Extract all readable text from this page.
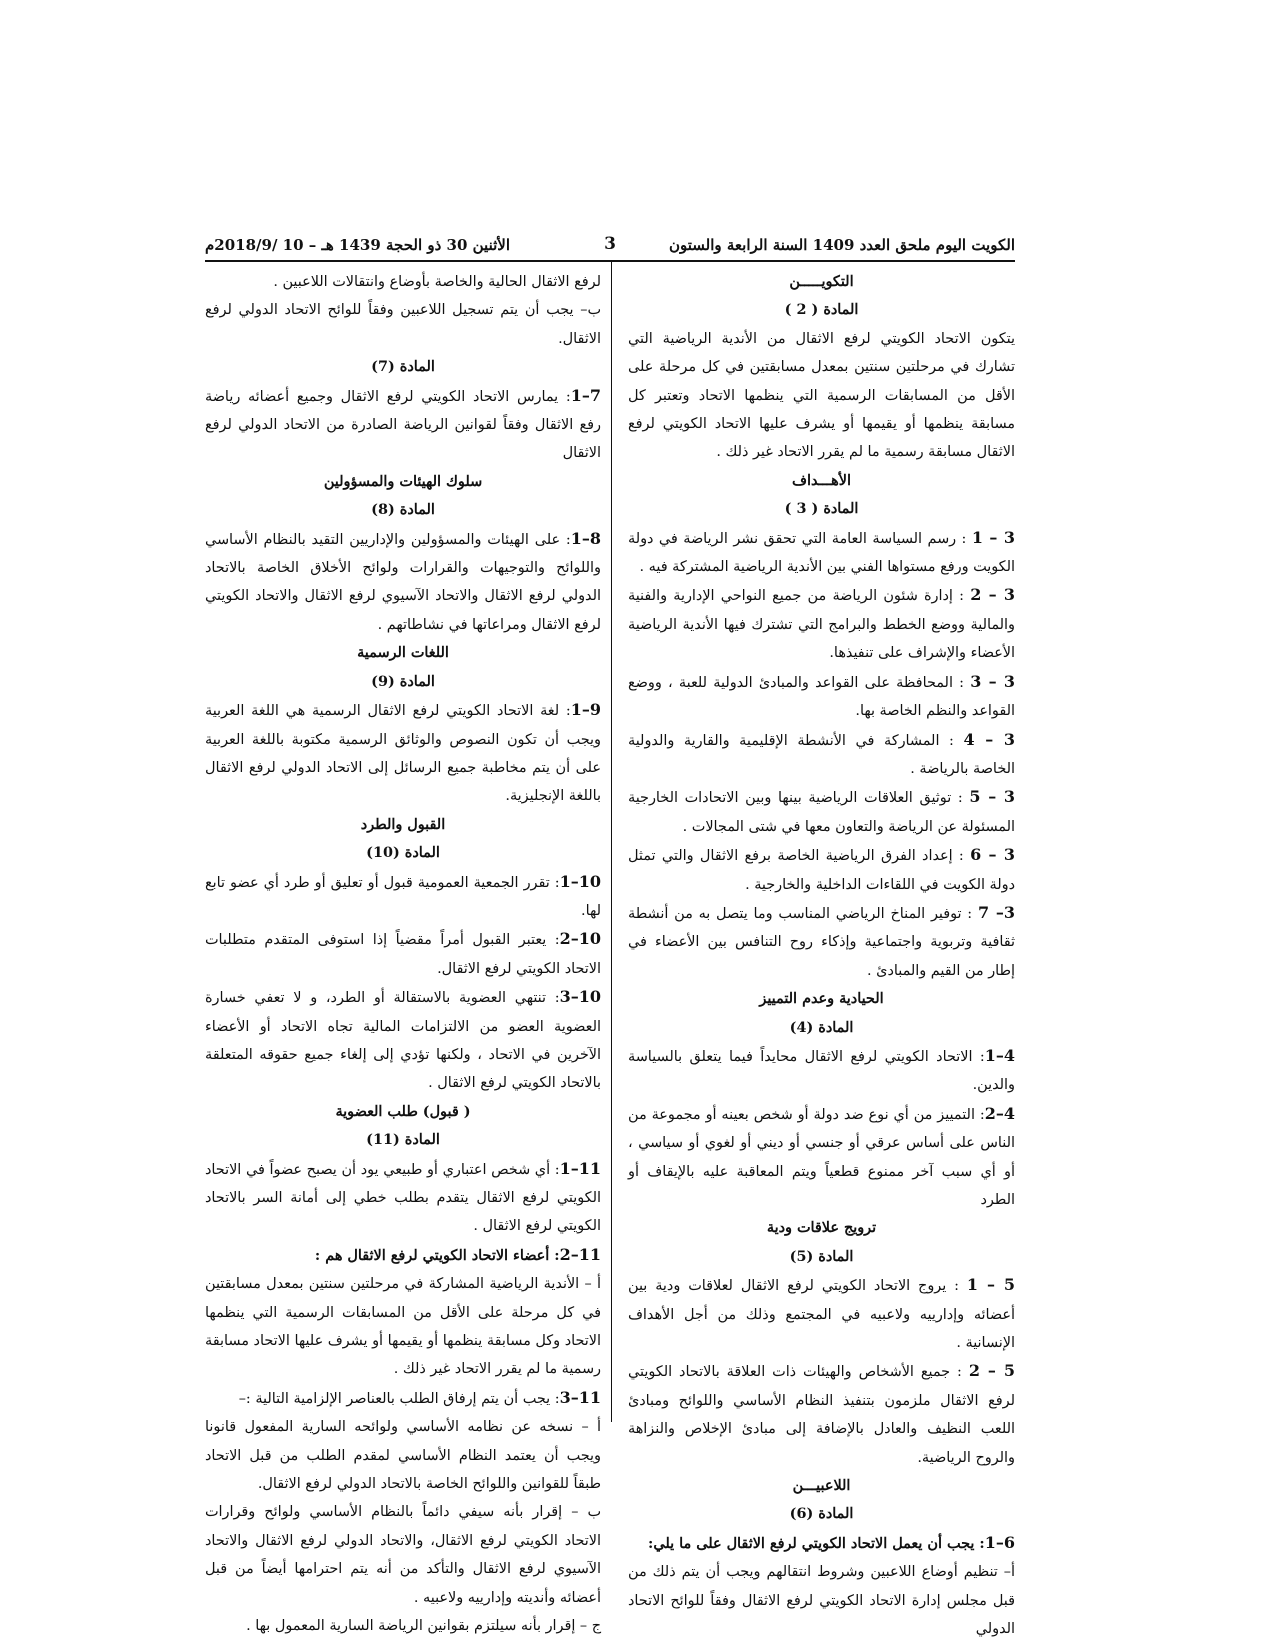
الكويت اليوم ملحق العدد 1409 السنة الرابعة والستون
3
الأثنين 30 ذو الحجة 1439 هـ – 10 /2018/9م

التكويـــــن

المادة ( 2 )

يتكون الاتحاد الكويتي لرفع الاثقال من الأندية الرياضية التي تشارك في مرحلتين سنتين بمعدل مسابقتين في كل مرحلة على الأقل من المسابقات الرسمية التي ينظمها الاتحاد وتعتبر كل مسابقة ينظمها أو يقيمها أو يشرف عليها الاتحاد الكويتي لرفع الاثقال مسابقة رسمية ما لم يقرر الاتحاد غير ذلك .

الأهـــداف

المادة ( 3 )

3 – 1 : رسم السياسة العامة التي تحقق نشر الرياضة في دولة الكويت ورفع مستواها الفني بين الأندية الرياضية المشتركة فيه .

3 – 2 : إدارة شئون الرياضة من جميع النواحي الإدارية والفنية والمالية ووضع الخطط والبرامج التي تشترك فيها الأندية الرياضية الأعضاء والإشراف على تنفيذها.

3 – 3 : المحافظة على القواعد والمبادئ الدولية للعبة ، ووضع القواعد والنظم الخاصة بها.

3 – 4 : المشاركة في الأنشطة الإقليمية والقارية والدولية الخاصة بالرياضة .

3 – 5 : توثيق العلاقات الرياضية بينها وبين الاتحادات الخارجية المسئولة عن الرياضة والتعاون معها في شتى المجالات .

3 – 6 : إعداد الفرق الرياضية الخاصة برفع الاثقال والتي تمثل دولة الكويت في اللقاءات الداخلية والخارجية .

3– 7 : توفير المناخ الرياضي المناسب وما يتصل به من أنشطة ثقافية وتربوية واجتماعية وإذكاء روح التنافس بين الأعضاء في إطار من القيم والمبادئ .

الحيادية وعدم التمييز

المادة (4)

4–1: الاتحاد الكويتي لرفع الاثقال محايداً فيما يتعلق بالسياسة والدين.

4–2: التمييز من أي نوع ضد دولة أو شخص بعينه أو مجموعة من الناس على أساس عرقي أو جنسي أو ديني أو لغوي أو سياسي ، أو أي سبب آخر ممنوع قطعياً ويتم المعاقبة عليه بالإيقاف أو الطرد

ترويج علاقات ودية

المادة (5)

5 – 1 : يروج الاتحاد الكويتي لرفع الاثقال لعلاقات ودية بين أعضائه وإدارييه ولاعبيه في المجتمع وذلك من أجل الأهداف الإنسانية .

5 – 2 : جميع الأشخاص والهيئات ذات العلاقة بالاتحاد الكويتي لرفع الاثقال ملزمون بتنفيذ النظام الأساسي واللوائح ومبادئ اللعب النظيف والعادل بالإضافة إلى مبادئ الإخلاص والنزاهة والروح الرياضية.

اللاعبيـــن

المادة (6)

6–1: يجب أن يعمل الاتحاد الكويتي لرفع الاثقال على ما يلي:

أ– تنظيم أوضاع اللاعبين وشروط انتقالهم ويجب أن يتم ذلك من قبل مجلس إدارة الاتحاد الكويتي لرفع الاثقال وفقاً للوائح الاتحاد الدولي

لرفع الاثقال الحالية والخاصة بأوضاع وانتقالات اللاعبين .

ب– يجب أن يتم تسجيل اللاعبين وفقاً للوائح الاتحاد الدولي لرفع الاثقال.

المادة (7)

7–1: يمارس الاتحاد الكويتي لرفع الاثقال وجميع أعضائه رياضة رفع الاثقال وفقاً لقوانين الرياضة الصادرة من الاتحاد الدولي لرفع الاثقال

سلوك الهيئات والمسؤولين

المادة (8)

8–1: على الهيئات والمسؤولين والإداريين التقيد بالنظام الأساسي واللوائح والتوجيهات والقرارات ولوائح الأخلاق الخاصة بالاتحاد الدولي لرفع الاثقال والاتحاد الآسيوي لرفع الاثقال والاتحاد الكويتي لرفع الاثقال ومراعاتها في نشاطاتهم .

اللغات الرسمية

المادة (9)

9–1: لغة الاتحاد الكويتي لرفع الاثقال الرسمية هي اللغة العربية ويجب أن تكون النصوص والوثائق الرسمية مكتوبة باللغة العربية على أن يتم مخاطبة جميع الرسائل إلى الاتحاد الدولي لرفع الاثقال باللغة الإنجليزية.

القبول والطرد

المادة (10)

10–1: تقرر الجمعية العمومية قبول أو تعليق أو طرد أي عضو تابع لها.

10–2: يعتبر القبول أمراً مقضياً إذا استوفى المتقدم متطلبات الاتحاد الكويتي لرفع الاثقال.

10–3: تنتهي العضوية بالاستقالة أو الطرد، و لا تعفي خسارة العضوية العضو من الالتزامات المالية تجاه الاتحاد أو الأعضاء الآخرين في الاتحاد ، ولكنها تؤدي إلى إلغاء جميع حقوقه المتعلقة بالاتحاد الكويتي لرفع الاثقال .

( قبول) طلب العضوية

المادة (11)

11–1: أي شخص اعتباري أو طبيعي يود أن يصبح عضواً في الاتحاد الكويتي لرفع الاثقال يتقدم بطلب خطي إلى أمانة السر بالاتحاد الكويتي لرفع الاثقال .

11–2: أعضاء الاتحاد الكويتي لرفع الاثقال هم :

أ – الأندية الرياضية المشاركة في مرحلتين سنتين بمعدل مسابقتين في كل مرحلة على الأقل من المسابقات الرسمية التي ينظمها الاتحاد وكل مسابقة ينظمها أو يقيمها أو يشرف عليها الاتحاد مسابقة رسمية ما لم يقرر الاتحاد غير ذلك .

11–3: يجب أن يتم إرفاق الطلب بالعناصر الإلزامية التالية :–

أ – نسخه عن نظامه الأساسي ولوائحه السارية المفعول قانونا ويجب أن يعتمد النظام الأساسي لمقدم الطلب من قبل الاتحاد طبقاً للقوانين واللوائح الخاصة بالاتحاد الدولي لرفع الاثقال.

ب – إقرار بأنه سيفي دائماً بالنظام الأساسي ولوائح وقرارات الاتحاد الكويتي لرفع الاثقال، والاتحاد الدولي لرفع الاثقال والاتحاد الآسيوي لرفع الاثقال والتأكد من أنه يتم احترامها أيضاً من قبل أعضائه وأنديته وإدارييه ولاعبيه .

ج – إقرار بأنه سيلتزم بقوانين الرياضة السارية المعمول بها .
